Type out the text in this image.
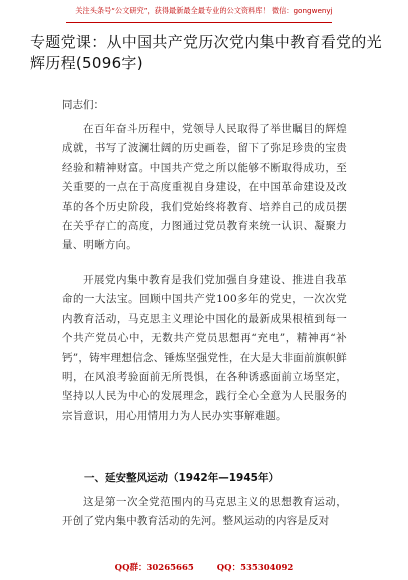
关注头条号“公文研究”，获得最新最全最专业的公文资料库！ 微信：gongwenyj
专题党课：从中国共产党历次党内集中教育看党的光辉历程(5096字)
同志们：

在百年奋斗历程中，党领导人民取得了举世瞩目的辉煌成就，书写了波澜壮阔的历史画卷，留下了弥足珍贵的宝贵经验和精神财富。中国共产党之所以能够不断取得成功，至关重要的一点在于高度重视自身建设，在中国革命建设及改革的各个历史阶段，我们党始终将教育、培养自己的成员摆在关乎存亡的高度，力图通过党员教育来统一认识、凝聚力量、明晰方向。

开展党内集中教育是我们党加强自身建设、推进自我革命的一大法宝。回顾中国共产党100多年的党史，一次次党内教育活动，马克思主义理论中国化的最新成果根植到每一个共产党员心中，无数共产党员思想再“充电”，精神再“补钙”，铸牢理想信念、锤炼坚强党性，在大是大非面前旗帜鲜明，在风浪考验面前无所畏惧，在各种诱惑面前立场坚定，坚持以人民为中心的发展理念，践行全心全意为人民服务的宗旨意识，用心用情用力为人民办实事解难题。

一、延安整风运动（1942年—1945年）

这是第一次全党范围内的马克思主义的思想教育运动，开创了党内集中教育活动的先河。整风运动的内容是反对

QQ群：30265665	QQ：535304092
